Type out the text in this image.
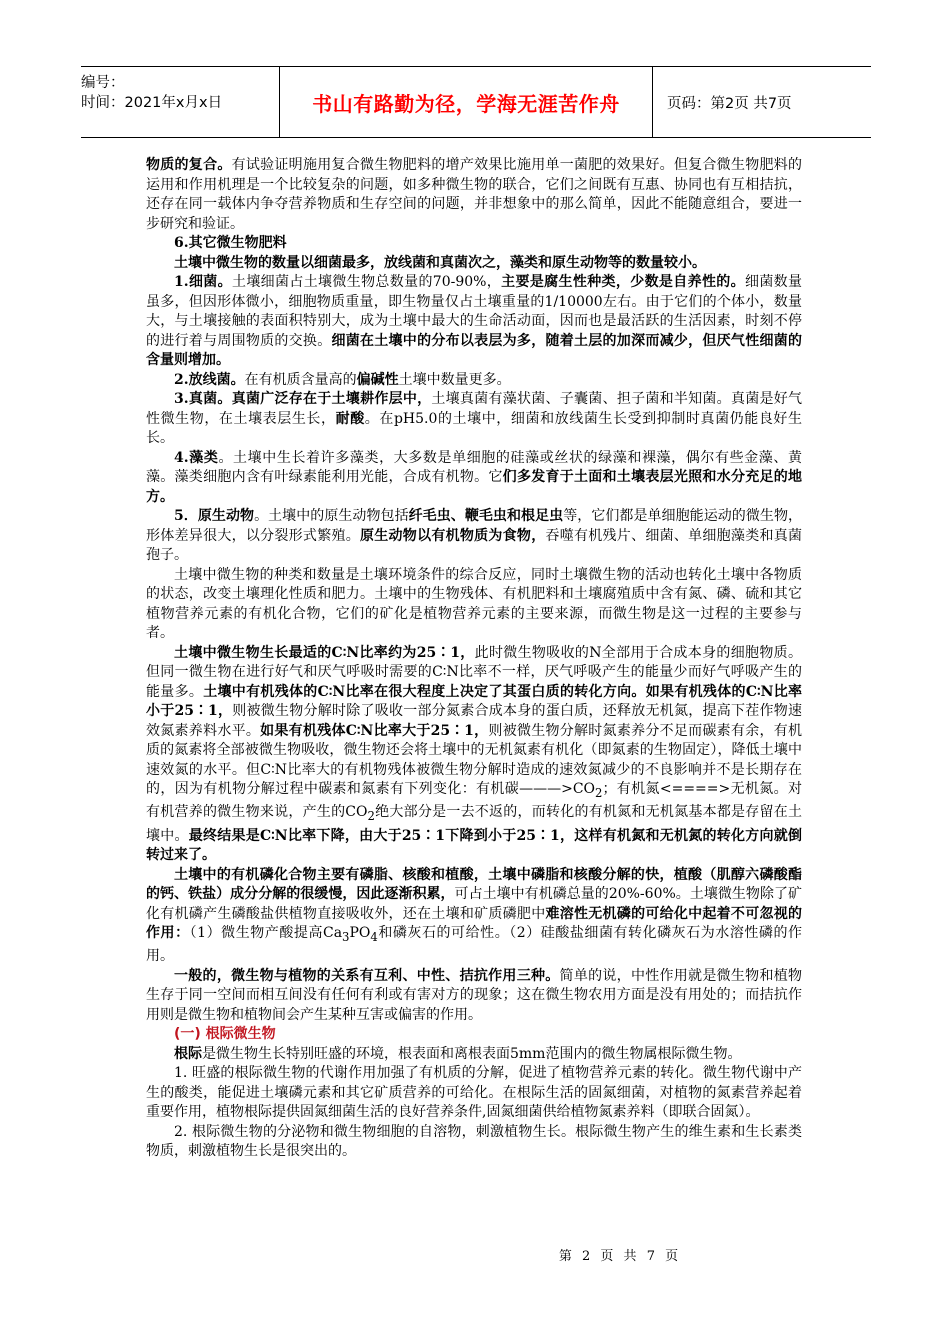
编号：
时间：2021年x月x日	书山有路勤为径，学海无涯苦作舟	页码：第2页 共7页

物质的复合。有试验证明施用复合微生物肥料的增产效果比施用单一菌肥的效果好。但复合微生物肥料的运用和作用机理是一个比较复杂的问题，如多种微生物的联合，它们之间既有互惠、协同也有互相拮抗，还存在同一载体内争夺营养物质和生存空间的问题，并非想象中的那么简单，因此不能随意组合，要进一步研究和验证。

6.其它微生物肥料

土壤中微生物的数量以细菌最多，放线菌和真菌次之，藻类和原生动物等的数量较小。

1.细菌。土壤细菌占土壤微生物总数量的70-90%，主要是腐生性种类，少数是自养性的。细菌数量虽多，但因形体微小，细胞物质重量，即生物量仅占土壤重量的1/10000左右。由于它们的个体小，数量大，与土壤接触的表面积特别大，成为土壤中最大的生命活动面，因而也是最活跃的生活因素，时刻不停的进行着与周围物质的交换。细菌在土壤中的分布以表层为多，随着土层的加深而减少，但厌气性细菌的含量则增加。

2.放线菌。在有机质含量高的偏碱性土壤中数量更多。

3.真菌。真菌广泛存在于土壤耕作层中，土壤真菌有藻状菌、子囊菌、担子菌和半知菌。真菌是好气性微生物，在土壤表层生长，耐酸。在pH5.0的土壤中，细菌和放线菌生长受到抑制时真菌仍能良好生长。

4.藻类。土壤中生长着许多藻类，大多数是单细胞的硅藻或丝状的绿藻和裸藻，偶尔有些金藻、黄藻。藻类细胞内含有叶绿素能利用光能，合成有机物。它们多发育于土面和土壤表层光照和水分充足的地方。

5．原生动物。土壤中的原生动物包括纤毛虫、鞭毛虫和根足虫等，它们都是单细胞能运动的微生物，形体差异很大，以分裂形式繁殖。原生动物以有机物质为食物，吞噬有机残片、细菌、单细胞藻类和真菌孢子。

土壤中微生物的种类和数量是土壤环境条件的综合反应，同时土壤微生物的活动也转化土壤中各物质的状态，改变土壤理化性质和肥力。土壤中的生物残体、有机肥料和土壤腐殖质中含有氮、磷、硫和其它植物营养元素的有机化合物，它们的矿化是植物营养元素的主要来源，而微生物是这一过程的主要参与者。

土壤中微生物生长最适的C∶N比率约为25∶1，此时微生物吸收的N全部用于合成本身的细胞物质。但同一微生物在进行好气和厌气呼吸时需要的C∶N比率不一样，厌气呼吸产生的能量少而好气呼吸产生的能量多。土壤中有机残体的C∶N比率在很大程度上决定了其蛋白质的转化方向。如果有机残体的C∶N比率小于25∶1，则被微生物分解时除了吸收一部分氮素合成本身的蛋白质，还释放无机氮，提高下茬作物速效氮素养料水平。如果有机残体C∶N比率大于25∶1，则被微生物分解时氮素养分不足而碳素有余，有机质的氮素将全部被微生物吸收，微生物还会将土壤中的无机氮素有机化（即氮素的生物固定），降低土壤中速效氮的水平。但C∶N比率大的有机物残体被微生物分解时造成的速效氮减少的不良影响并不是长期存在的，因为有机物分解过程中碳素和氮素有下列变化：有机碳$———>CO_2$；有机氮<====>无机氮。对有机营养的微生物来说，产生的$CO_2$绝大部分是一去不返的，而转化的有机氮和无机氮基本都是存留在土壤中。最终结果是C∶N比率下降，由大于25∶1下降到小于25∶1，这样有机氮和无机氮的转化方向就倒转过来了。

土壤中的有机磷化合物主要有磷脂、核酸和植酸，土壤中磷脂和核酸分解的快，植酸（肌醇六磷酸酯的钙、铁盐）成分分解的很缓慢，因此逐渐积累，可占土壤中有机磷总量的20%-60%。土壤微生物除了矿化有机磷产生磷酸盐供植物直接吸收外，还在土壤和矿质磷肥中难溶性无机磷的可给化中起着不可忽视的作用：（1）微生物产酸提高$Ca_3PO_4$和磷灰石的可给性。（2）硅酸盐细菌有转化磷灰石为水溶性磷的作用。

一般的，微生物与植物的关系有互利、中性、拮抗作用三种。简单的说，中性作用就是微生物和植物生存于同一空间而相互间没有任何有利或有害对方的现象；这在微生物农用方面是没有用处的；而拮抗作用则是微生物和植物间会产生某种互害或偏害的作用。

(一) 根际微生物

根际是微生物生长特别旺盛的环境，根表面和离根表面5mm范围内的微生物属根际微生物。

1. 旺盛的根际微生物的代谢作用加强了有机质的分解，促进了植物营养元素的转化。微生物代谢中产生的酸类，能促进土壤磷元素和其它矿质营养的可给化。在根际生活的固氮细菌，对植物的氮素营养起着重要作用，植物根际提供固氮细菌生活的良好营养条件,固氮细菌供给植物氮素养料（即联合固氮）。

2. 根际微生物的分泌物和微生物细胞的自溶物，刺激植物生长。根际微生物产生的维生素和生长素类物质，刺激植物生长是很突出的。

第 2 页 共 7 页
